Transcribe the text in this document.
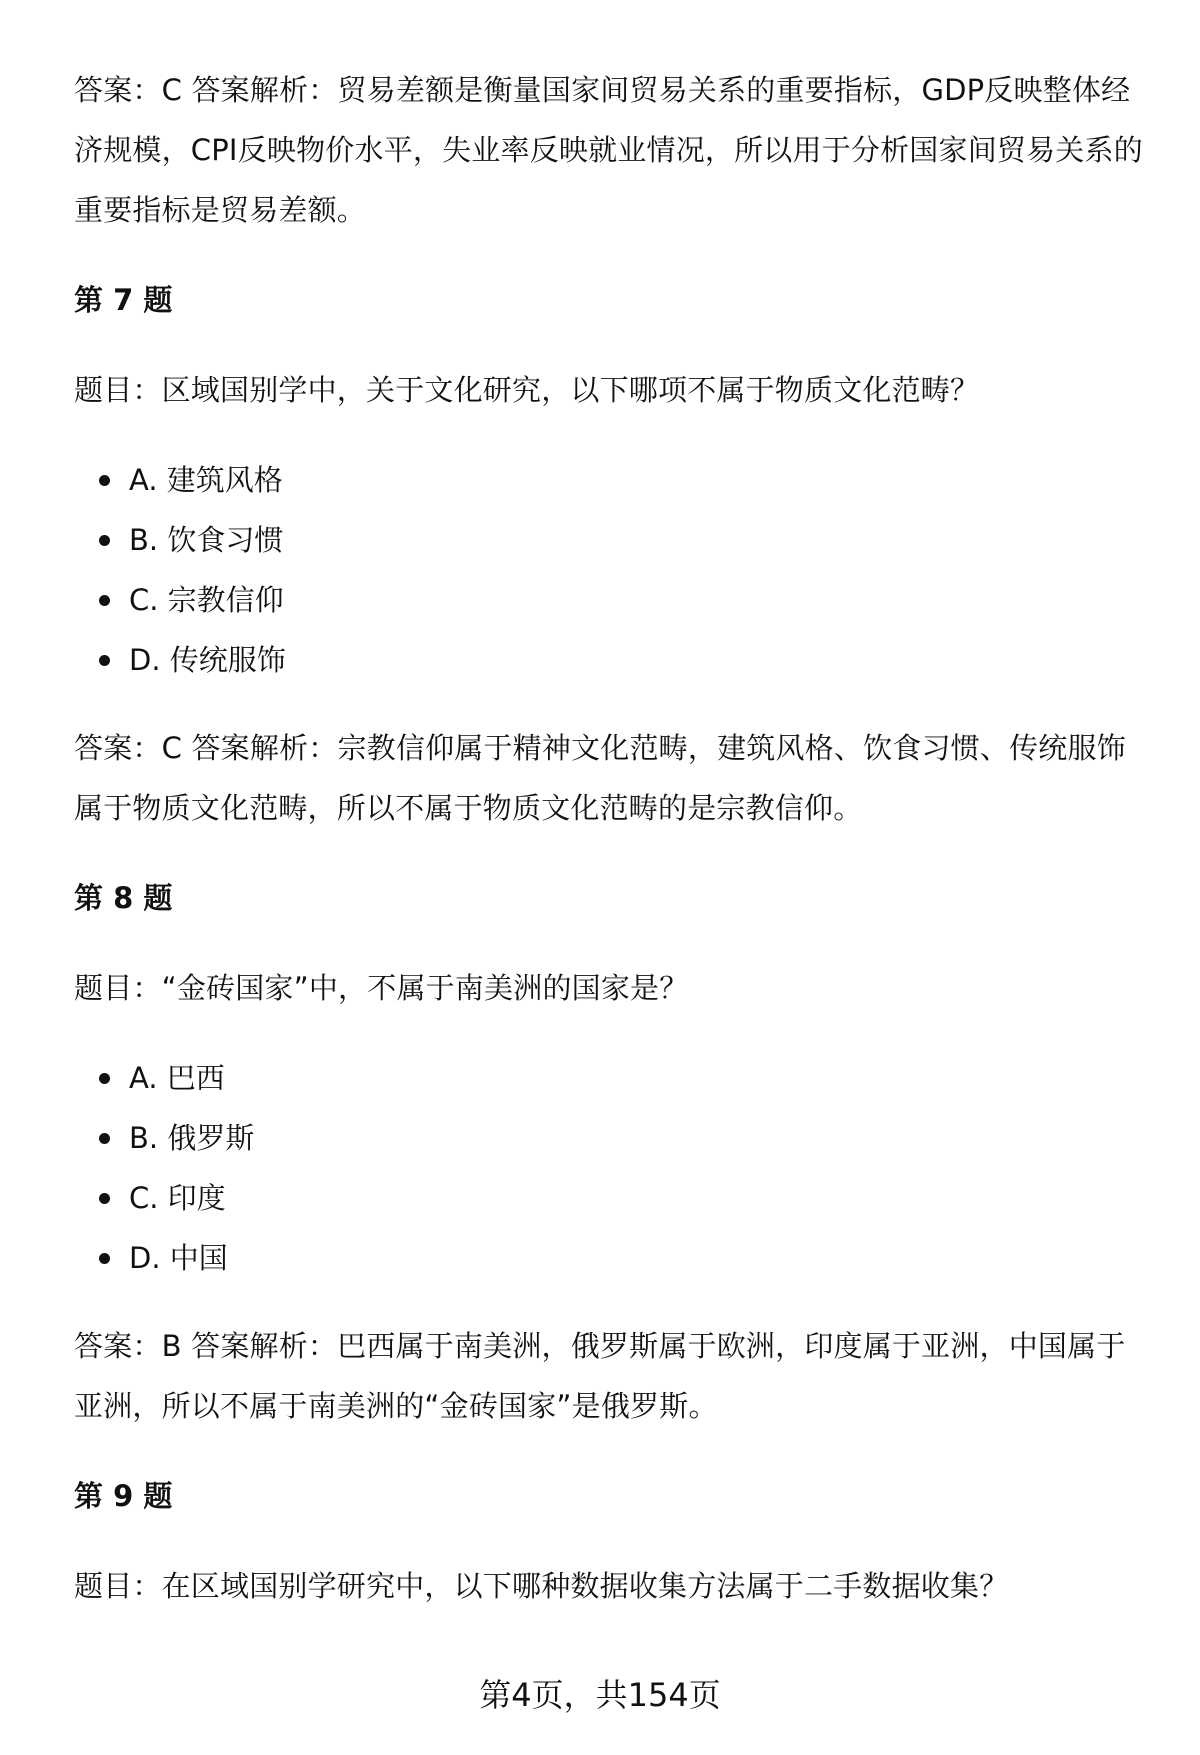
答案：C 答案解析：贸易差额是衡量国家间贸易关系的重要指标，GDP反映整体经济规模，CPI反映物价水平，失业率反映就业情况，所以用于分析国家间贸易关系的重要指标是贸易差额。

第 7 题

题目：区域国别学中，关于文化研究，以下哪项不属于物质文化范畴？

A. 建筑风格
B. 饮食习惯
C. 宗教信仰
D. 传统服饰

答案：C 答案解析：宗教信仰属于精神文化范畴，建筑风格、饮食习惯、传统服饰属于物质文化范畴，所以不属于物质文化范畴的是宗教信仰。

第 8 题

题目：“金砖国家”中，不属于南美洲的国家是？

A. 巴西
B. 俄罗斯
C. 印度
D. 中国

答案：B 答案解析：巴西属于南美洲，俄罗斯属于欧洲，印度属于亚洲，中国属于亚洲，所以不属于南美洲的“金砖国家”是俄罗斯。

第 9 题

题目：在区域国别学研究中，以下哪种数据收集方法属于二手数据收集？

第4页，共154页
